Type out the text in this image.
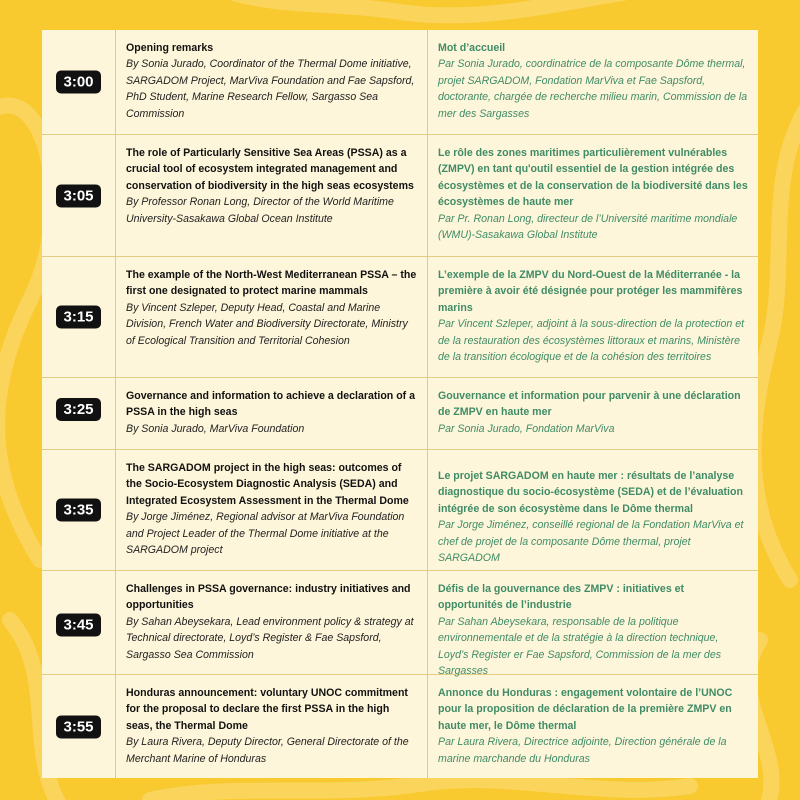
3:00
Opening remarks
By Sonia Jurado, Coordinator of the Thermal Dome initiative, SARGADOM Project, MarViva Foundation and Fae Sapsford, PhD Student, Marine Research Fellow, Sargasso Sea Commission
Mot d’accueil
Par Sonia Jurado, coordinatrice de la composante Dôme thermal, projet SARGADOM, Fondation MarViva et Fae Sapsford, doctorante, chargée de recherche milieu marin, Commission de la mer des Sargasses
3:05
The role of Particularly Sensitive Sea Areas (PSSA) as a crucial tool of ecosystem integrated management and conservation of biodiversity in the high seas ecosystems
By Professor Ronan Long, Director of the World Maritime University-Sasakawa Global Ocean Institute
Le rôle des zones maritimes particulièrement vulnérables (ZMPV) en tant qu'outil essentiel de la gestion intégrée des écosystèmes et de la conservation de la biodiversité dans les écosystèmes de haute mer
Par Pr. Ronan Long, directeur de l’Université maritime mondiale (WMU)-Sasakawa Global Institute
3:15
The example of the North-West Mediterranean PSSA – the first one designated to protect marine mammals
By Vincent Szleper, Deputy Head, Coastal and Marine Division, French Water and Biodiversity Directorate, Ministry of Ecological Transition and Territorial Cohesion
L’exemple de la ZMPV du Nord-Ouest de la Méditerranée - la première à avoir été désignée pour protéger les mammifères marins
Par Vincent Szleper, adjoint à la sous-direction de la protection et de la restauration des écosystèmes littoraux et marins, Ministère de la transition écologique et de la cohésion des territoires
3:25
Governance and information to achieve a declaration of a PSSA in the high seas
By Sonia Jurado, MarViva Foundation
Gouvernance et information pour parvenir à une déclaration de ZMPV en haute mer
Par Sonia Jurado, Fondation MarViva
3:35
The SARGADOM project in the high seas: outcomes of the Socio-Ecosystem Diagnostic Analysis (SEDA) and Integrated Ecosystem Assessment in the Thermal Dome
By Jorge Jiménez, Regional advisor at MarViva Foundation and Project Leader of the Thermal Dome initiative at the SARGADOM project
Le projet SARGADOM en haute mer : résultats de l’analyse diagnostique du socio-écosystème (SEDA) et de l’évaluation intégrée de son écosystème dans le Dôme thermal
Par Jorge Jiménez, conseillé regional de la Fondation MarViva et chef de projet de la composante Dôme thermal, projet SARGADOM
3:45
Challenges in PSSA governance: industry initiatives and opportunities
By Sahan Abeysekara, Lead environment policy & strategy at Technical directorate, Loyd’s Register & Fae Sapsford, Sargasso Sea Commission
Défis de la gouvernance des ZMPV : initiatives et opportunités de l’industrie
Par Sahan Abeysekara, responsable de la politique environnementale et de la stratégie à la direction technique, Loyd’s Register er Fae Sapsford, Commission de la mer des Sargasses
3:55
Honduras announcement: voluntary UNOC commitment for the proposal to declare the first PSSA in the high seas, the Thermal Dome
By Laura Rivera, Deputy Director, General Directorate of the Merchant Marine of Honduras
Annonce du Honduras : engagement volontaire de l’UNOC pour la proposition de déclaration de la première ZMPV en haute mer, le Dôme thermal
Par Laura Rivera, Directrice adjointe, Direction générale de la marine marchande du Honduras
